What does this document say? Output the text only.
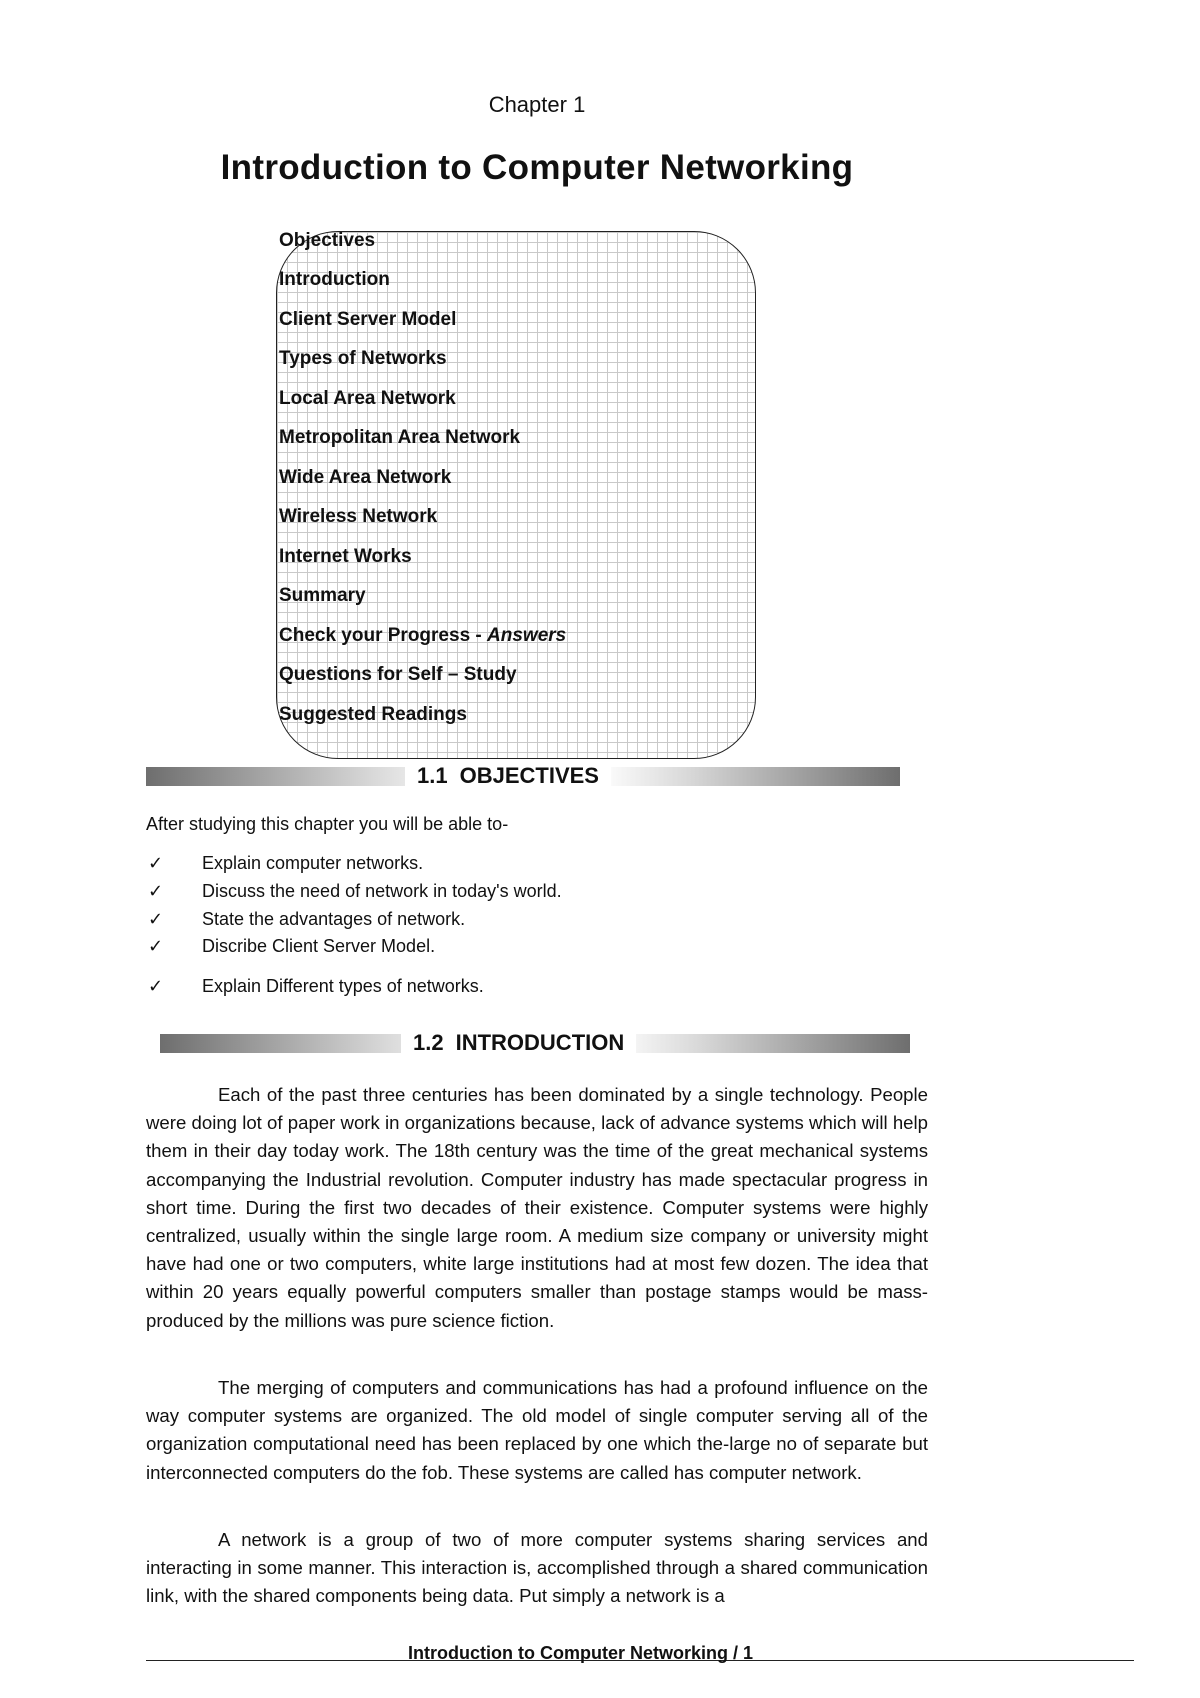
Chapter 1
Introduction to Computer Networking
Objectives
Introduction
Client Server Model
Types of Networks
Local Area Network
Metropolitan Area Network
Wide Area Network
Wireless Network
Internet Works
Summary
Check your Progress - Answers
Questions for Self – Study
Suggested Readings
1.1 OBJECTIVES
After studying this chapter you will be able to-
✓ Explain computer networks.
✓ Discuss the need of network in today's world.
✓ State the advantages of network.
✓ Discribe Client Server Model.
✓ Explain Different types of networks.
1.2 INTRODUCTION

Each of the past three centuries has been dominated by a single technology. People were doing lot of paper work in organizations because, lack of advance systems which will help them in their day today work. The 18th century was the time of the great mechanical systems accompanying the Industrial revolution. Computer industry has made spectacular progress in short time. During the first two decades of their existence. Computer systems were highly centralized, usually within the single large room. A medium size company or university might have had one or two computers, white large institutions had at most few dozen. The idea that within 20 years equally powerful computers smaller than postage stamps would be mass-produced by the millions was pure science fiction.

The merging of computers and communications has had a profound influence on the way computer systems are organized. The old model of single computer serving all of the organization computational need has been replaced by one which the-large no of separate but interconnected computers do the fob. These systems are called has computer network.

A network is a group of two of more computer systems sharing services and interacting in some manner. This interaction is, accomplished through a shared communication link, with the shared components being data. Put simply a network is a

Introduction to Computer Networking / 1
